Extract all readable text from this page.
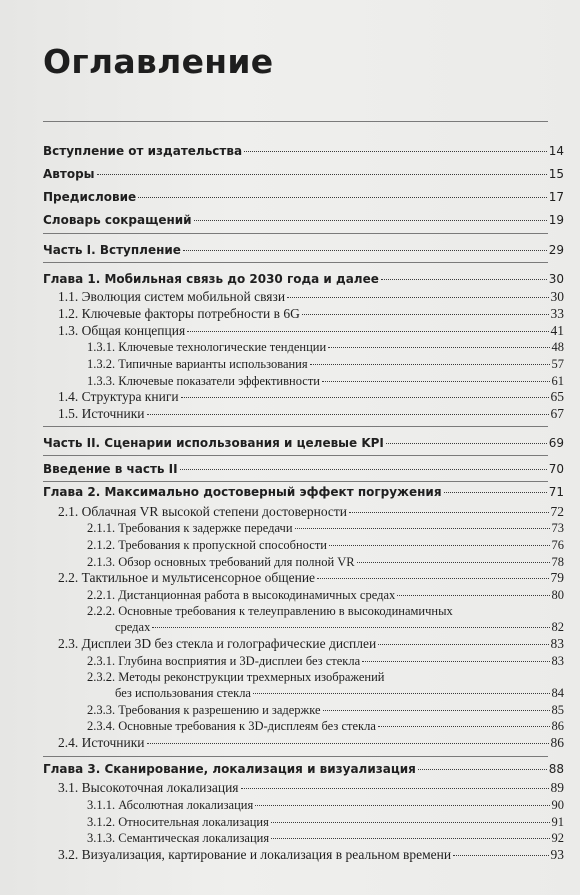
Оглавление
Вступление от издательства	14
Авторы	15
Предисловие	17
Словарь сокращений	19
Часть I. Вступление	29
Глава 1. Мобильная связь до 2030 года и далее	30
1.1. Эволюция систем мобильной связи	30
1.2. Ключевые факторы потребности в 6G	33
1.3. Общая концепция	41
1.3.1. Ключевые технологические тенденции	48
1.3.2. Типичные варианты использования	57
1.3.3. Ключевые показатели эффективности	61
1.4. Структура книги	65
1.5. Источники	67
Часть II. Сценарии использования и целевые KPI	69
Введение в часть II	70
Глава 2. Максимально достоверный эффект погружения	71
2.1. Облачная VR высокой степени достоверности	72
2.1.1. Требования к задержке передачи	73
2.1.2. Требования к пропускной способности	76
2.1.3. Обзор основных требований для полной VR	78
2.2. Тактильное и мультисенсорное общение	79
2.2.1. Дистанционная работа в высокодинамичных средах	80
2.2.2. Основные требования к телеуправлению в высокодинамичных
средах	82
2.3. Дисплеи 3D без стекла и голографические дисплеи	83
2.3.1. Глубина восприятия и 3D-дисплеи без стекла	83
2.3.2. Методы реконструкции трехмерных изображений
без использования стекла	84
2.3.3. Требования к разрешению и задержке	85
2.3.4. Основные требования к 3D-дисплеям без стекла	86
2.4. Источники	86
Глава 3. Сканирование, локализация и визуализация	88
3.1. Высокоточная локализация	89
3.1.1. Абсолютная локализация	90
3.1.2. Относительная локализация	91
3.1.3. Семантическая локализация	92
3.2. Визуализация, картирование и локализация в реальном времени	93
